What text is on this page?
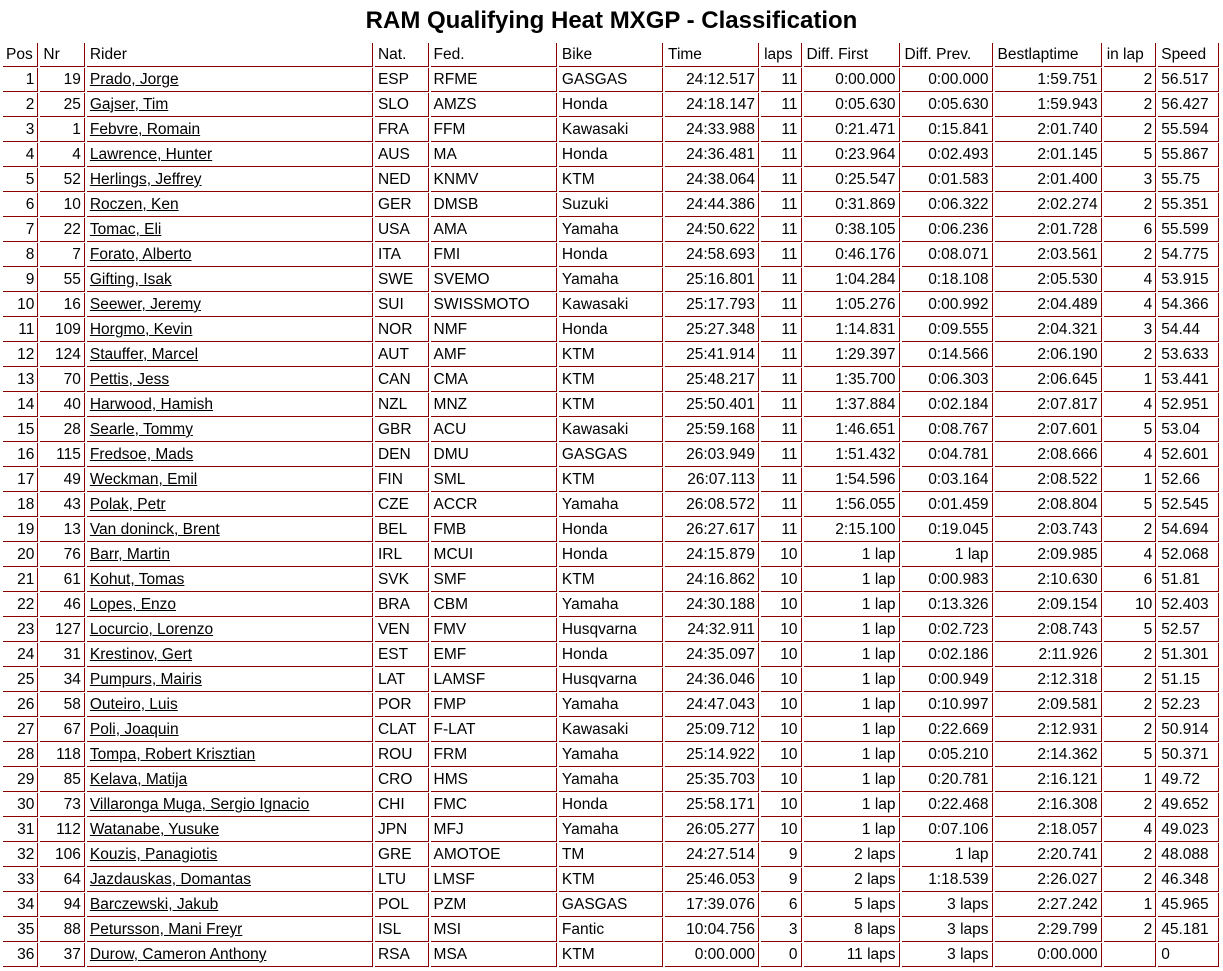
RAM Qualifying Heat MXGP - Classification
Pos	Nr	Rider	Nat.	Fed.	Bike	Time	laps	Diff. First	Diff. Prev.	Bestlaptime	in lap	Speed
1	19	Prado, Jorge	ESP	RFME	GASGAS	24:12.517	11	0:00.000	0:00.000	1:59.751	2	56.517
2	25	Gajser, Tim	SLO	AMZS	Honda	24:18.147	11	0:05.630	0:05.630	1:59.943	2	56.427
3	1	Febvre, Romain	FRA	FFM	Kawasaki	24:33.988	11	0:21.471	0:15.841	2:01.740	2	55.594
4	4	Lawrence, Hunter	AUS	MA	Honda	24:36.481	11	0:23.964	0:02.493	2:01.145	5	55.867
5	52	Herlings, Jeffrey	NED	KNMV	KTM	24:38.064	11	0:25.547	0:01.583	2:01.400	3	55.75
6	10	Roczen, Ken	GER	DMSB	Suzuki	24:44.386	11	0:31.869	0:06.322	2:02.274	2	55.351
7	22	Tomac, Eli	USA	AMA	Yamaha	24:50.622	11	0:38.105	0:06.236	2:01.728	6	55.599
8	7	Forato, Alberto	ITA	FMI	Honda	24:58.693	11	0:46.176	0:08.071	2:03.561	2	54.775
9	55	Gifting, Isak	SWE	SVEMO	Yamaha	25:16.801	11	1:04.284	0:18.108	2:05.530	4	53.915
10	16	Seewer, Jeremy	SUI	SWISSMOTO	Kawasaki	25:17.793	11	1:05.276	0:00.992	2:04.489	4	54.366
11	109	Horgmo, Kevin	NOR	NMF	Honda	25:27.348	11	1:14.831	0:09.555	2:04.321	3	54.44
12	124	Stauffer, Marcel	AUT	AMF	KTM	25:41.914	11	1:29.397	0:14.566	2:06.190	2	53.633
13	70	Pettis, Jess	CAN	CMA	KTM	25:48.217	11	1:35.700	0:06.303	2:06.645	1	53.441
14	40	Harwood, Hamish	NZL	MNZ	KTM	25:50.401	11	1:37.884	0:02.184	2:07.817	4	52.951
15	28	Searle, Tommy	GBR	ACU	Kawasaki	25:59.168	11	1:46.651	0:08.767	2:07.601	5	53.04
16	115	Fredsoe, Mads	DEN	DMU	GASGAS	26:03.949	11	1:51.432	0:04.781	2:08.666	4	52.601
17	49	Weckman, Emil	FIN	SML	KTM	26:07.113	11	1:54.596	0:03.164	2:08.522	1	52.66
18	43	Polak, Petr	CZE	ACCR	Yamaha	26:08.572	11	1:56.055	0:01.459	2:08.804	5	52.545
19	13	Van doninck, Brent	BEL	FMB	Honda	26:27.617	11	2:15.100	0:19.045	2:03.743	2	54.694
20	76	Barr, Martin	IRL	MCUI	Honda	24:15.879	10	1 lap	1 lap	2:09.985	4	52.068
21	61	Kohut, Tomas	SVK	SMF	KTM	24:16.862	10	1 lap	0:00.983	2:10.630	6	51.81
22	46	Lopes, Enzo	BRA	CBM	Yamaha	24:30.188	10	1 lap	0:13.326	2:09.154	10	52.403
23	127	Locurcio, Lorenzo	VEN	FMV	Husqvarna	24:32.911	10	1 lap	0:02.723	2:08.743	5	52.57
24	31	Krestinov, Gert	EST	EMF	Honda	24:35.097	10	1 lap	0:02.186	2:11.926	2	51.301
25	34	Pumpurs, Mairis	LAT	LAMSF	Husqvarna	24:36.046	10	1 lap	0:00.949	2:12.318	2	51.15
26	58	Outeiro, Luis	POR	FMP	Yamaha	24:47.043	10	1 lap	0:10.997	2:09.581	2	52.23
27	67	Poli, Joaquin	CLAT	F-LAT	Kawasaki	25:09.712	10	1 lap	0:22.669	2:12.931	2	50.914
28	118	Tompa, Robert Krisztian	ROU	FRM	Yamaha	25:14.922	10	1 lap	0:05.210	2:14.362	5	50.371
29	85	Kelava, Matija	CRO	HMS	Yamaha	25:35.703	10	1 lap	0:20.781	2:16.121	1	49.72
30	73	Villaronga Muga, Sergio Ignacio	CHI	FMC	Honda	25:58.171	10	1 lap	0:22.468	2:16.308	2	49.652
31	112	Watanabe, Yusuke	JPN	MFJ	Yamaha	26:05.277	10	1 lap	0:07.106	2:18.057	4	49.023
32	106	Kouzis, Panagiotis	GRE	AMOTOE	TM	24:27.514	9	2 laps	1 lap	2:20.741	2	48.088
33	64	Jazdauskas, Domantas	LTU	LMSF	KTM	25:46.053	9	2 laps	1:18.539	2:26.027	2	46.348
34	94	Barczewski, Jakub	POL	PZM	GASGAS	17:39.076	6	5 laps	3 laps	2:27.242	1	45.965
35	88	Petursson, Mani Freyr	ISL	MSI	Fantic	10:04.756	3	8 laps	3 laps	2:29.799	2	45.181
36	37	Durow, Cameron Anthony	RSA	MSA	KTM	0:00.000	0	11 laps	3 laps	0:00.000		0
